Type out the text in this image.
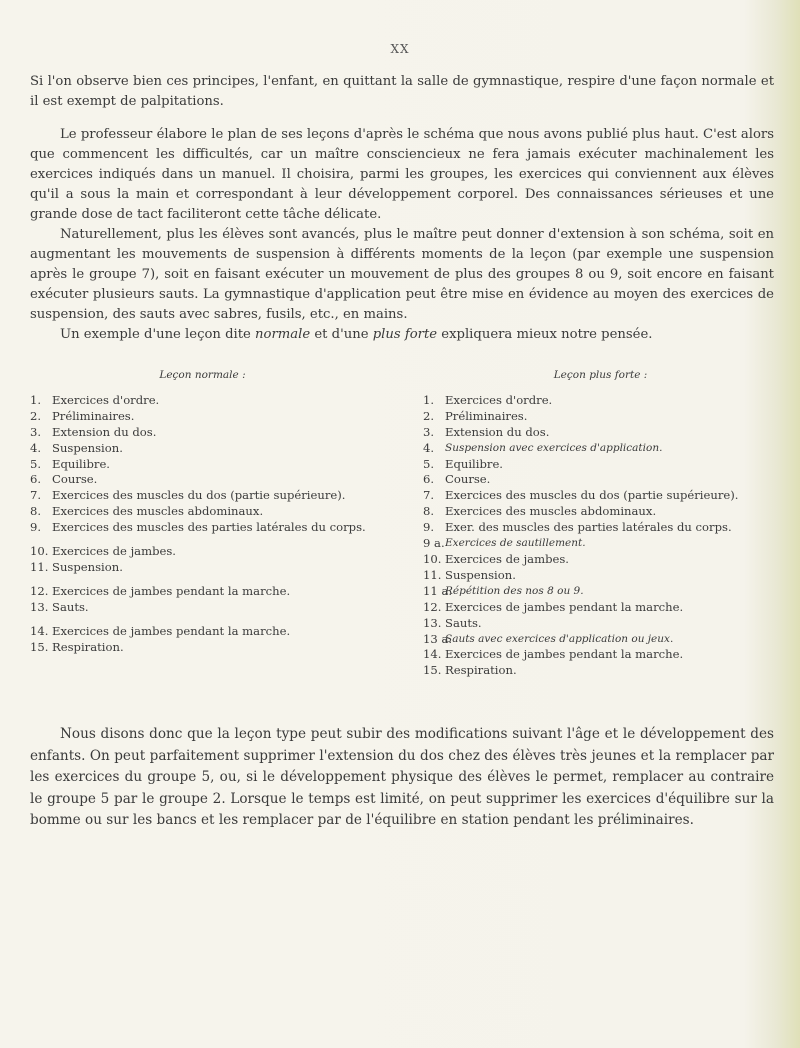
XX

Si l'on observe bien ces principes, l'enfant, en quittant la salle de gymnastique, respire d'une façon normale et il est exempt de palpitations.

Le professeur élabore le plan de ses leçons d'après le schéma que nous avons publié plus haut. C'est alors que commencent les difficultés, car un maître consciencieux ne fera jamais exécuter machinalement les exercices indiqués dans un manuel. Il choisira, parmi les groupes, les exercices qui conviennent aux élèves qu'il a sous la main et correspondant à leur développement corporel. Des connaissances sérieuses et une grande dose de tact faciliteront cette tâche délicate.

Naturellement, plus les élèves sont avancés, plus le maître peut donner d'extension à son schéma, soit en augmentant les mouvements de suspension à différents moments de la leçon (par exemple une suspension après le groupe 7), soit en faisant exécuter un mouvement de plus des groupes 8 ou 9, soit encore en faisant exécuter plusieurs sauts. La gymnastique d'application peut être mise en évidence au moyen des exercices de suspension, des sauts avec sabres, fusils, etc., en mains.

Un exemple d'une leçon dite normale et d'une plus forte expliquera mieux notre pensée.

Leçon normale :
1. Exercices d'ordre.
2. Préliminaires.
3. Extension du dos.
4. Suspension.
5. Equilibre.
6. Course.
7. Exercices des muscles du dos (partie supérieure).
8. Exercices des muscles abdominaux.
9. Exercices des muscles des parties latérales du corps.
10. Exercices de jambes.
11. Suspension.
12. Exercices de jambes pendant la marche.
13. Sauts.
14. Exercices de jambes pendant la marche.
15. Respiration.
Leçon plus forte :
1. Exercices d'ordre.
2. Préliminaires.
3. Extension du dos.
4.	Suspension avec exercices d'application.
5. Equilibre.
6. Course.
7. Exercices des muscles du dos (partie supérieure).
8. Exercices des muscles abdominaux.
9. Exer. des muscles des parties latérales du corps.
9 a. Exercices de sautillement.
10. Exercices de jambes.
11. Suspension.
11 a.
Répétition des nos 8 ou 9.
12. Exercices de jambes pendant la marche.
13. Sauts.
13 a.
Sauts avec exercices d'application ou jeux.
14. Exercices de jambes pendant la marche.
15. Respiration.

Nous disons donc que la leçon type peut subir des modifications suivant l'âge et le développement des enfants. On peut parfaitement supprimer l'extension du dos chez des élèves très jeunes et la remplacer par les exercices du groupe 5, ou, si le développement physique des élèves le permet, remplacer au contraire le groupe 5 par le groupe 2. Lorsque le temps est limité, on peut supprimer les exercices d'équilibre sur la bomme ou sur les bancs et les remplacer par de l'équilibre en station pendant les préliminaires.
